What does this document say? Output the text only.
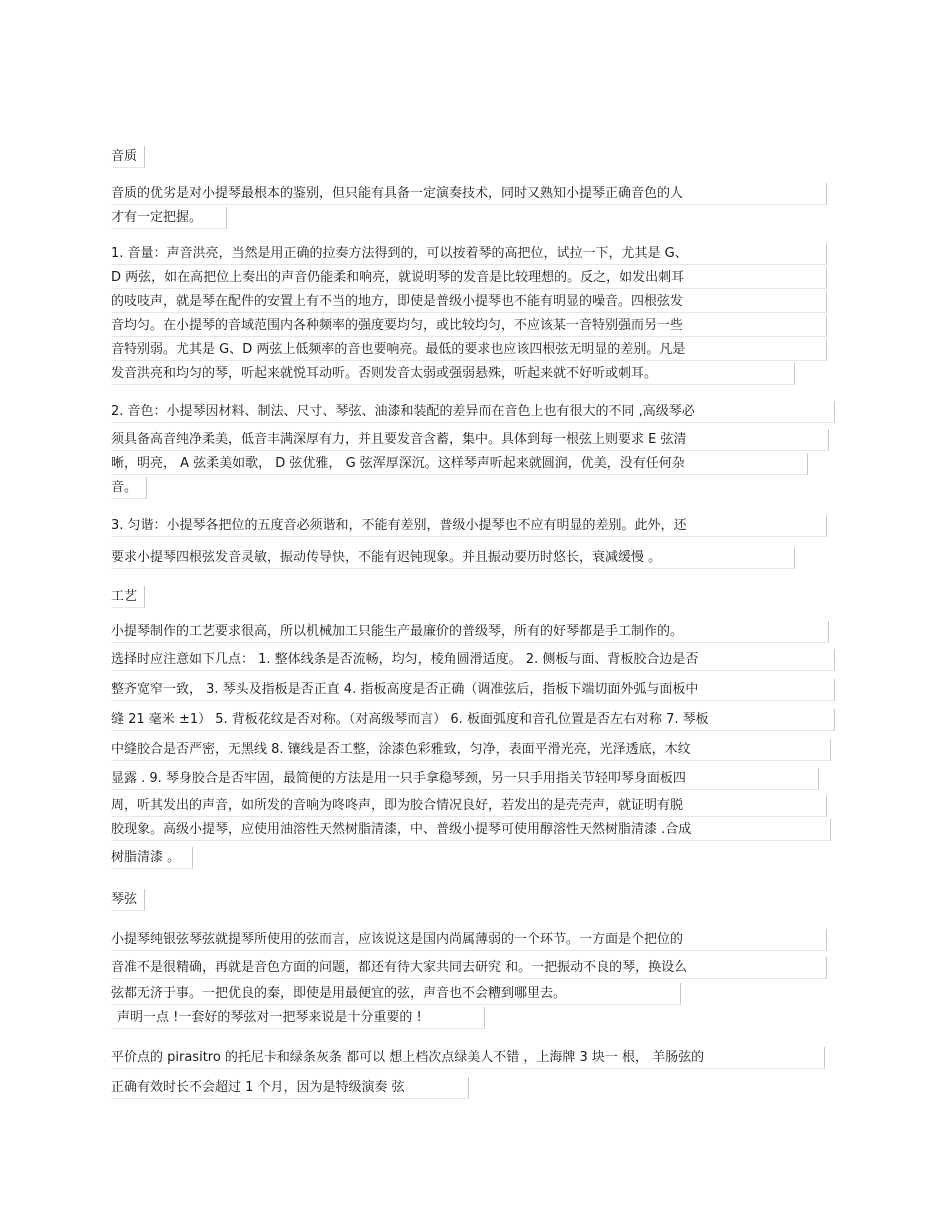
音质
音质的优劣是对小提琴最根本的鉴别，但只能有具备一定演奏技术，同时又熟知小提琴正确音色的人
才有一定把握。
1. 音量：声音洪亮，当然是用正确的拉奏方法得到的，可以按着琴的高把位，试拉一下，尤其是 G、
D 两弦，如在高把位上奏出的声音仍能柔和响亮，就说明琴的发音是比较理想的。反之，如发出刺耳
的吱吱声，就是琴在配件的安置上有不当的地方，即使是普级小提琴也不能有明显的噪音。四根弦发
音均匀。在小提琴的音域范围内各种频率的强度要均匀，或比较均匀，不应该某一音特别强而另一些
音特别弱。尤其是 G、D 两弦上低频率的音也要响亮。最低的要求也应该四根弦无明显的差别。凡是
发音洪亮和均匀的琴，听起来就悦耳动听。否则发音太弱或强弱悬殊，听起来就不好听或刺耳。
2. 音色：小提琴因材料、制法、尺寸、琴弦、油漆和装配的差异而在音色上也有很大的不同 ,高级琴必
须具备高音纯净柔美，低音丰满深厚有力，并且要发音含蓄，集中。具体到每一根弦上则要求 E 弦清
晰，明亮， A 弦柔美如歌， D 弦优雅， G 弦浑厚深沉。这样琴声听起来就圆润，优美，没有任何杂
音。
3. 匀谐：小提琴各把位的五度音必须谐和，不能有差别，普级小提琴也不应有明显的差别。此外，还
要求小提琴四根弦发音灵敏，振动传导快，不能有迟钝现象。并且振动要历时悠长，衰减缓慢 。
工艺
小提琴制作的工艺要求很高，所以机械加工只能生产最廉价的普级琴，所有的好琴都是手工制作的。
选择时应注意如下几点： 1. 整体线条是否流畅，均匀，棱角圆滑适度。 2. 侧板与面、背板胶合边是否
整齐宽窄一致， 3. 琴头及指板是否正直 4. 指板高度是否正确（调准弦后，指板下端切面外弧与面板中
缝 21 毫米 ±1） 5. 背板花纹是否对称。（对高级琴而言） 6. 板面弧度和音孔位置是否左右对称 7. 琴板
中缝胶合是否严密，无黑线 8. 镶线是否工整，涂漆色彩雅致，匀净，表面平滑光亮，光泽透底，木纹
显露 . 9. 琴身胶合是否牢固，最简便的方法是用一只手拿稳琴颈，另一只手用指关节轻叩琴身面板四
周，听其发出的声音，如所发的音响为咚咚声，即为胶合情况良好，若发出的是壳壳声，就证明有脱
胶现象。高级小提琴，应使用油溶性天然树脂清漆，中、普级小提琴可使用醇溶性天然树脂清漆 .合成
树脂清漆 。
琴弦
小提琴纯银弦琴弦就提琴所使用的弦而言，应该说这是国内尚属薄弱的一个环节。一方面是个把位的
音准不是很精确，再就是音色方面的问题，都还有待大家共同去研究 和。一把振动不良的琴，换设么
弦都无济于事。一把优良的秦，即使是用最便宜的弦，声音也不会糟到哪里去。
声明一点 !一套好的琴弦对一把琴来说是十分重要的 !
平价点的 pirasitro 的托尼卡和绿条灰条 都可以 想上档次点绿美人不错 ，上海牌 3 块一 根， 羊肠弦的
正确有效时长不会超过 1 个月，因为是特级演奏 弦
